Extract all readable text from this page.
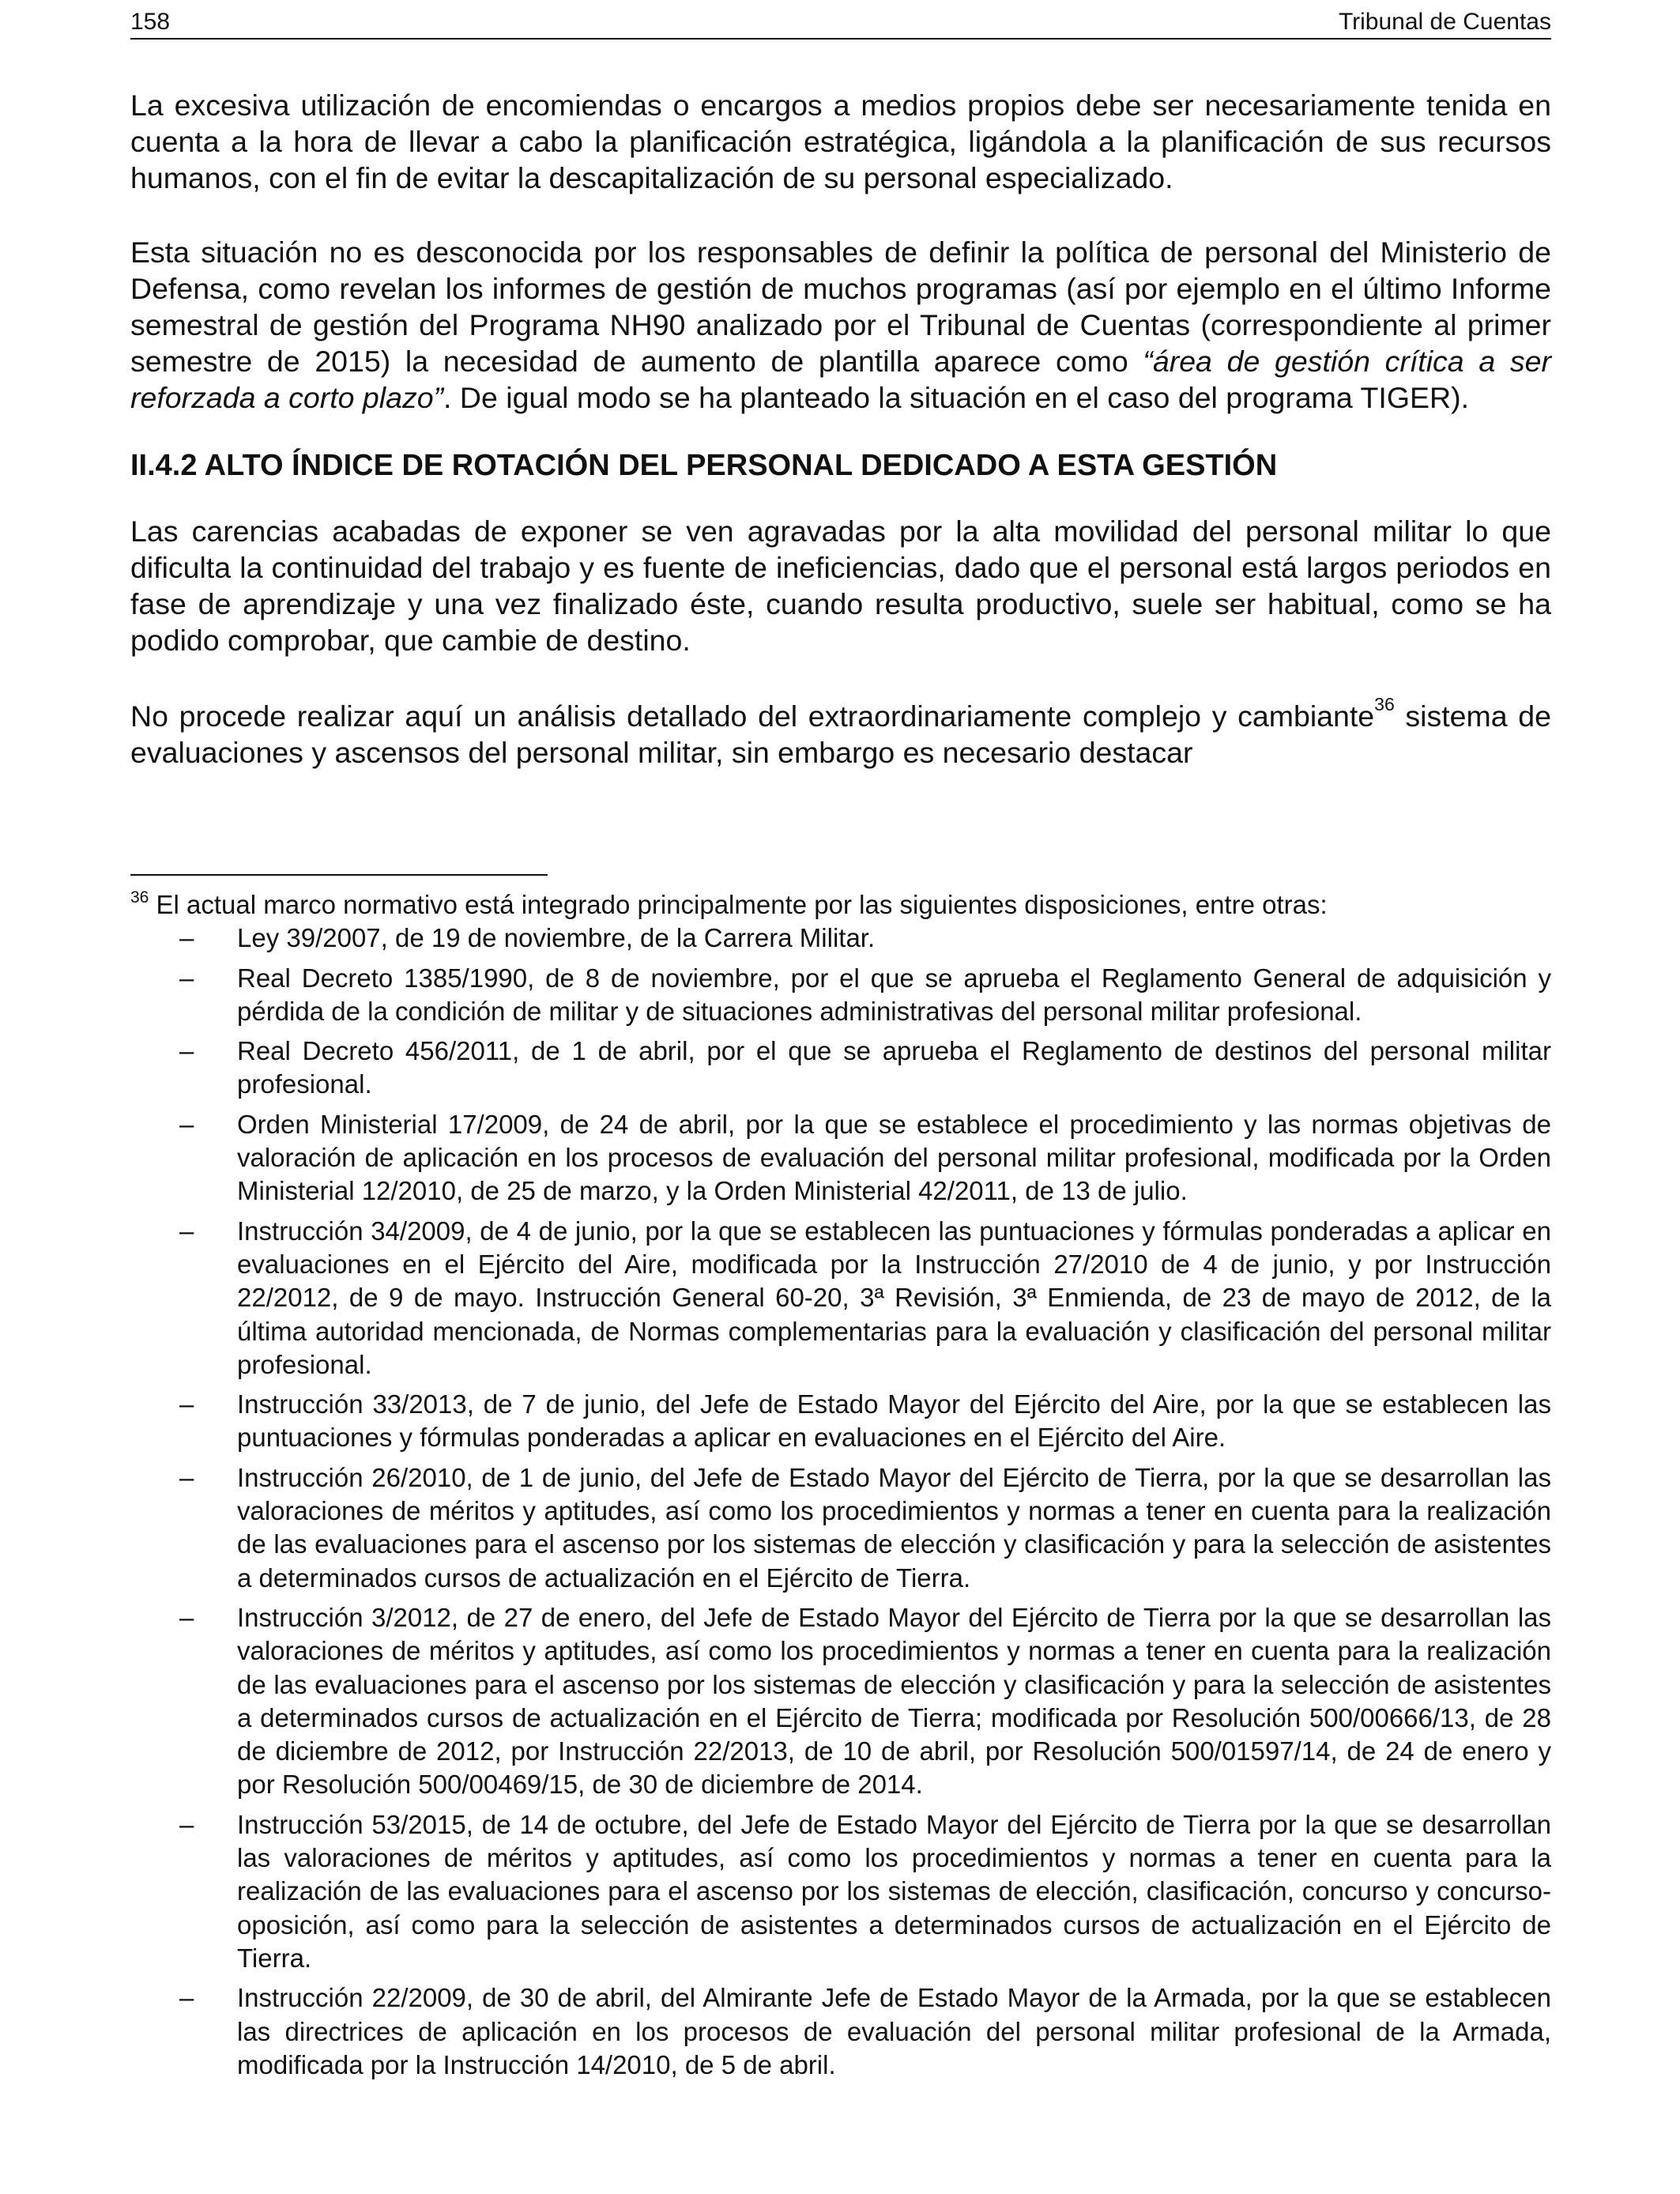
158	Tribunal de Cuentas

La excesiva utilización de encomiendas o encargos a medios propios debe ser necesariamente tenida en cuenta a la hora de llevar a cabo la planificación estratégica, ligándola a la planificación de sus recursos humanos, con el fin de evitar la descapitalización de su personal especializado.

Esta situación no es desconocida por los responsables de definir la política de personal del Ministerio de Defensa, como revelan los informes de gestión de muchos programas (así por ejemplo en el último Informe semestral de gestión del Programa NH90 analizado por el Tribunal de Cuentas (correspondiente al primer semestre de 2015) la necesidad de aumento de plantilla aparece como “área de gestión crítica a ser reforzada a corto plazo”. De igual modo se ha planteado la situación en el caso del programa TIGER).

II.4.2 ALTO ÍNDICE DE ROTACIÓN DEL PERSONAL DEDICADO A ESTA GESTIÓN

Las carencias acabadas de exponer se ven agravadas por la alta movilidad del personal militar lo que dificulta la continuidad del trabajo y es fuente de ineficiencias, dado que el personal está largos periodos en fase de aprendizaje y una vez finalizado éste, cuando resulta productivo, suele ser habitual, como se ha podido comprobar, que cambie de destino.

No procede realizar aquí un análisis detallado del extraordinariamente complejo y cambiante$^{36}$ sistema de evaluaciones y ascensos del personal militar, sin embargo es necesario destacar

$^{36}$ El actual marco normativo está integrado principalmente por las siguientes disposiciones, entre otras:

– Ley 39/2007, de 19 de noviembre, de la Carrera Militar.
– Real Decreto 1385/1990, de 8 de noviembre, por el que se aprueba el Reglamento General de adquisición y pérdida de la condición de militar y de situaciones administrativas del personal militar profesional.
– Real Decreto 456/2011, de 1 de abril, por el que se aprueba el Reglamento de destinos del personal militar profesional.
– Orden Ministerial 17/2009, de 24 de abril, por la que se establece el procedimiento y las normas objetivas de valoración de aplicación en los procesos de evaluación del personal militar profesional, modificada por la Orden Ministerial 12/2010, de 25 de marzo, y la Orden Ministerial 42/2011, de 13 de julio.
– Instrucción 34/2009, de 4 de junio, por la que se establecen las puntuaciones y fórmulas ponderadas a aplicar en evaluaciones en el Ejército del Aire, modificada por la Instrucción 27/2010 de 4 de junio, y por Instrucción 22/2012, de 9 de mayo. Instrucción General 60-20, 3ª Revisión, 3ª Enmienda, de 23 de mayo de 2012, de la última autoridad mencionada, de Normas complementarias para la evaluación y clasificación del personal militar profesional.
– Instrucción 33/2013, de 7 de junio, del Jefe de Estado Mayor del Ejército del Aire, por la que se establecen las puntuaciones y fórmulas ponderadas a aplicar en evaluaciones en el Ejército del Aire.
– Instrucción 26/2010, de 1 de junio, del Jefe de Estado Mayor del Ejército de Tierra, por la que se desarrollan las valoraciones de méritos y aptitudes, así como los procedimientos y normas a tener en cuenta para la realización de las evaluaciones para el ascenso por los sistemas de elección y clasificación y para la selección de asistentes a determinados cursos de actualización en el Ejército de Tierra.
– Instrucción 3/2012, de 27 de enero, del Jefe de Estado Mayor del Ejército de Tierra por la que se desarrollan las valoraciones de méritos y aptitudes, así como los procedimientos y normas a tener en cuenta para la realización de las evaluaciones para el ascenso por los sistemas de elección y clasificación y para la selección de asistentes a determinados cursos de actualización en el Ejército de Tierra; modificada por Resolución 500/00666/13, de 28 de diciembre de 2012, por Instrucción 22/2013, de 10 de abril, por Resolución 500/01597/14, de 24 de enero y por Resolución 500/00469/15, de 30 de diciembre de 2014.
– Instrucción 53/2015, de 14 de octubre, del Jefe de Estado Mayor del Ejército de Tierra por la que se desarrollan las valoraciones de méritos y aptitudes, así como los procedimientos y normas a tener en cuenta para la realización de las evaluaciones para el ascenso por los sistemas de elección, clasificación, concurso y concurso-oposición, así como para la selección de asistentes a determinados cursos de actualización en el Ejército de Tierra.
– Instrucción 22/2009, de 30 de abril, del Almirante Jefe de Estado Mayor de la Armada, por la que se establecen las directrices de aplicación en los procesos de evaluación del personal militar profesional de la Armada, modificada por la Instrucción 14/2010, de 5 de abril.
